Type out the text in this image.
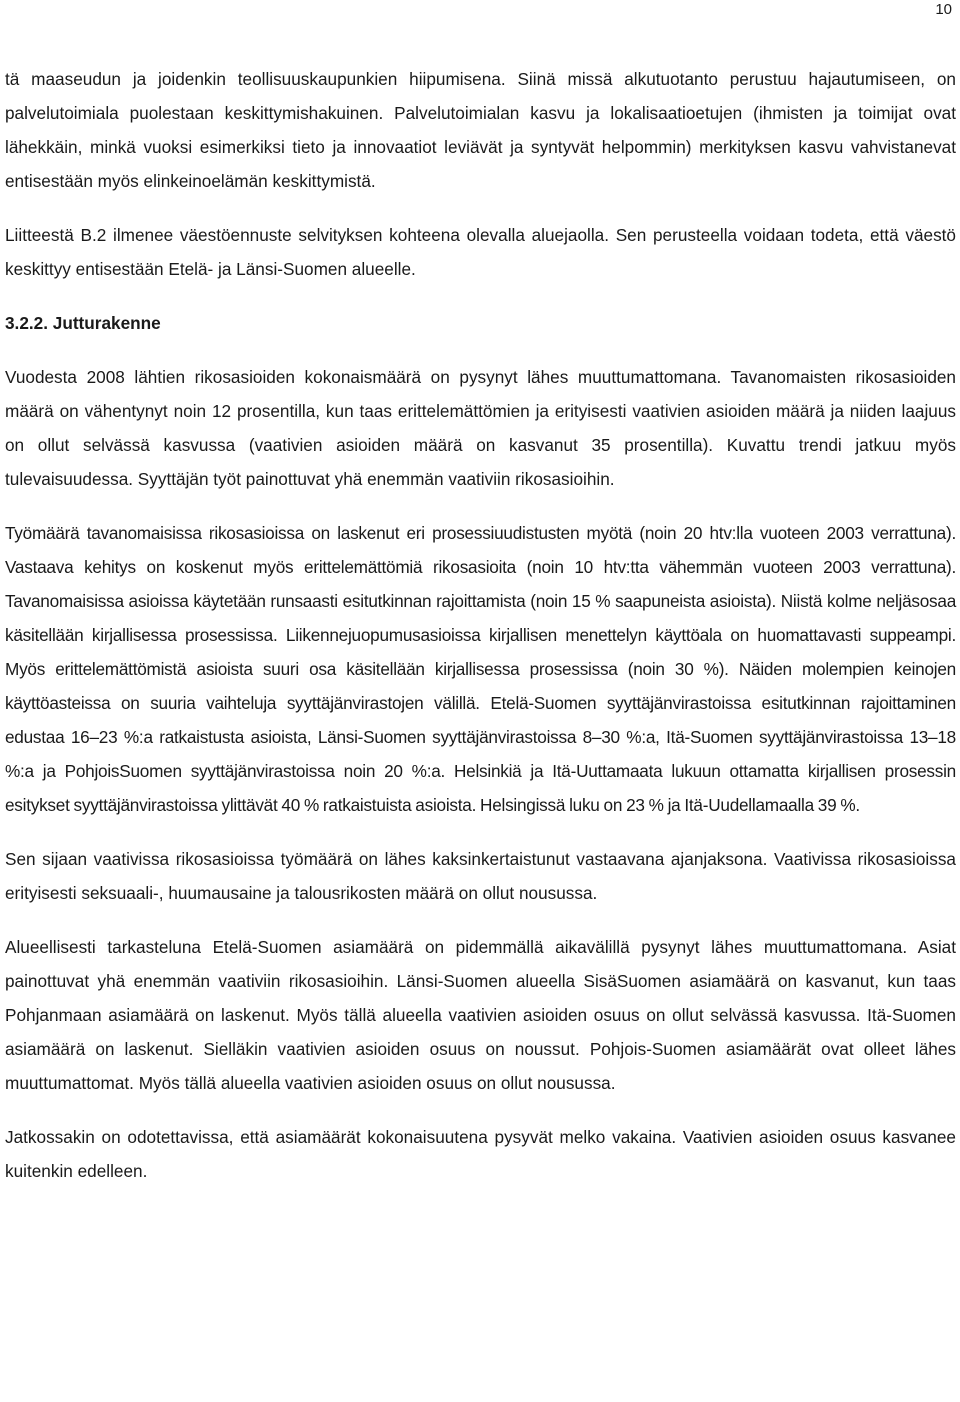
10

tä maaseudun ja joidenkin teollisuuskaupunkien hiipumisena. Siinä missä alkutuotanto perustuu hajautumiseen, on palvelutoimiala puolestaan keskittymishakuinen. Palvelutoimialan kasvu ja lokalisaatioetujen (ihmisten ja toimijat ovat lähekkäin, minkä vuoksi esimerkiksi tieto ja innovaatiot leviävät ja syntyvät helpommin) merkityksen kasvu vahvistanevat entisestään myös elinkeinoelämän keskittymistä.

Liitteestä B.2 ilmenee väestöennuste selvityksen kohteena olevalla aluejaolla. Sen perusteella voidaan todeta, että väestö keskittyy entisestään Etelä- ja Länsi-Suomen alueelle.

3.2.2. Jutturakenne

Vuodesta 2008 lähtien rikosasioiden kokonaismäärä on pysynyt lähes muuttumattomana. Tavanomaisten rikosasioiden määrä on vähentynyt noin 12 prosentilla, kun taas erittelemättömien ja erityisesti vaativien asioiden määrä ja niiden laajuus on ollut selvässä kasvussa (vaativien asioiden määrä on kasvanut 35 prosentilla). Kuvattu trendi jatkuu myös tulevaisuudessa. Syyttäjän työt painottuvat yhä enemmän vaativiin rikosasioihin.

Työmäärä tavanomaisissa rikosasioissa on laskenut eri prosessiuudistusten myötä (noin 20 htv:lla vuoteen 2003 verrattuna). Vastaava kehitys on koskenut myös erittelemättömiä rikosasioita (noin 10 htv:tta vähemmän vuoteen 2003 verrattuna). Tavanomaisissa asioissa käytetään runsaasti esitutkinnan rajoittamista (noin 15 % saapuneista asioista). Niistä kolme neljäsosaa käsitellään kirjallisessa prosessissa. Liikennejuopumusasioissa kirjallisen menettelyn käyttöala on huomattavasti suppeampi. Myös erittelemättömistä asioista suuri osa käsitellään kirjallisessa prosessissa (noin 30 %). Näiden molempien keinojen käyttöasteissa on suuria vaihteluja syyttäjänvirastojen välillä. Etelä-Suomen syyttäjänvirastoissa esitutkinnan rajoittaminen edustaa 16–23 %:a ratkaistusta asioista, Länsi-Suomen syyttäjänvirastoissa 8–30 %:a, Itä-Suomen syyttäjänvirastoissa 13–18 %:a ja PohjoisSuomen syyttäjänvirastoissa noin 20 %:a. Helsinkiä ja Itä-Uuttamaata lukuun ottamatta kirjallisen prosessin esitykset syyttäjänvirastoissa ylittävät 40 % ratkaistuista asioista. Helsingissä luku on 23 % ja Itä-Uudellamaalla 39 %.

Sen sijaan vaativissa rikosasioissa työmäärä on lähes kaksinkertaistunut vastaavana ajanjaksona. Vaativissa rikosasioissa erityisesti seksuaali-, huumausaine ja talousrikosten määrä on ollut nousussa.

Alueellisesti tarkasteluna Etelä-Suomen asiamäärä on pidemmällä aikavälillä pysynyt lähes muuttumattomana. Asiat painottuvat yhä enemmän vaativiin rikosasioihin. Länsi-Suomen alueella SisäSuomen asiamäärä on kasvanut, kun taas Pohjanmaan asiamäärä on laskenut. Myös tällä alueella vaativien asioiden osuus on ollut selvässä kasvussa. Itä-Suomen asiamäärä on laskenut. Sielläkin vaativien asioiden osuus on noussut. Pohjois-Suomen asiamäärät ovat olleet lähes muuttumattomat. Myös tällä alueella vaativien asioiden osuus on ollut nousussa.

Jatkossakin on odotettavissa, että asiamäärät kokonaisuutena pysyvät melko vakaina. Vaativien asioiden osuus kasvanee kuitenkin edelleen.
